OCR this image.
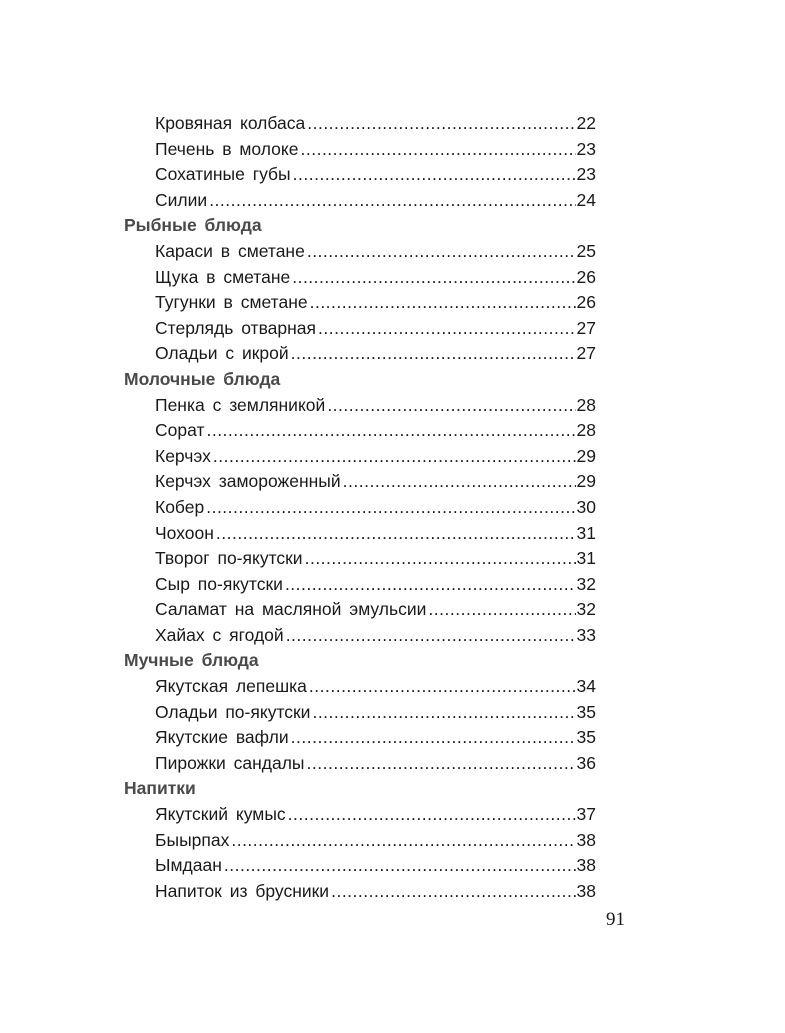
Кровяная колбаса .....	22
Печень в молоке .....	23
Сохатиные губы .....	23
Силии .....	24
Рыбные блюда
Караси в сметане .....	25
Щука в сметане .....	26
Тугунки в сметане .....	26
Стерлядь отварная .....	27
Оладьи с икрой .....	27
Молочные блюда
Пенка с земляникой .....	28
Сорат .....	28
Керчэх .....	29
Керчэх замороженный .....	29
Кобер .....	30
Чохоон .....	31
Творог по-якутски .....	31
Сыр по-якутски .....	32
Саламат на масляной эмульсии .....	32
Хайах с ягодой .....	33
Мучные блюда
Якутская лепешка .....	34
Оладьи по-якутски .....	35
Якутские вафли .....	35
Пирожки сандалы .....	36
Напитки
Якутский кумыс .....	37
Быырпах .....	38
Ымдаан .....	38
Напиток из брусники .....	38
91
